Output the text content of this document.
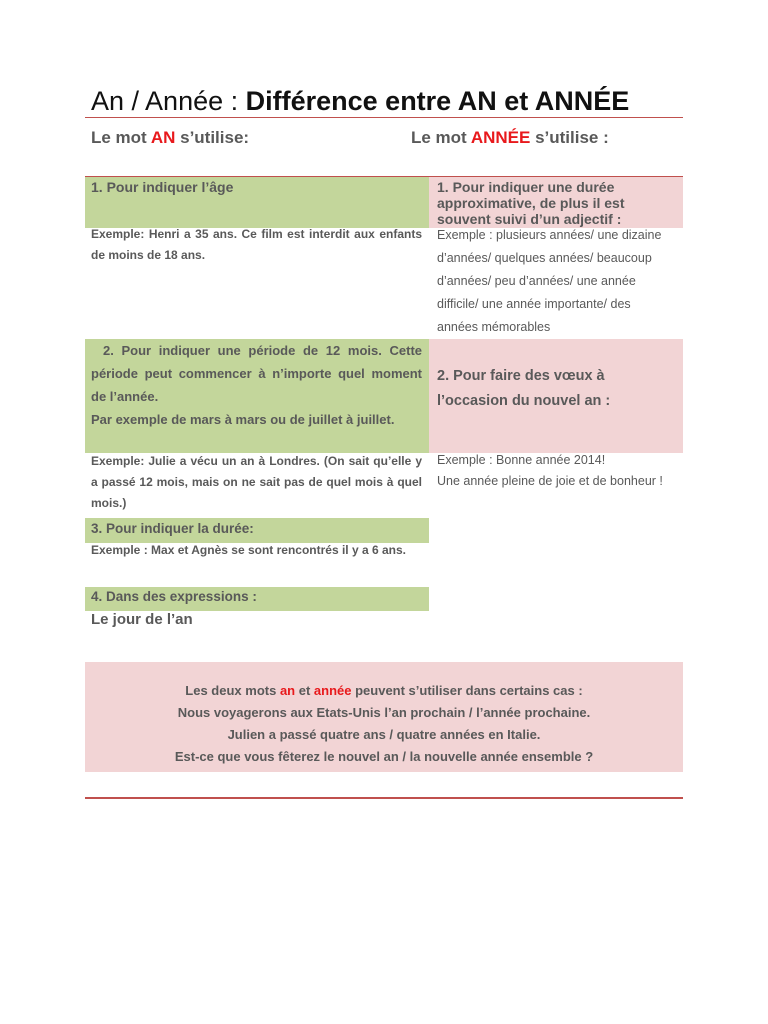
An / Année : Différence entre AN et ANNÉE
Le mot AN s’utilise:	Le mot ANNÉE s’utilise :
1. Pour indiquer l’âge	1. Pour indiquer une durée approximative, de plus il est souvent suivi d’un adjectif :
Exemple: Henri a 35 ans. Ce film est interdit aux enfants de moins de 18 ans.
Exemple : plusieurs années/ une dizaine
d’années/ quelques années/ beaucoup
d’années/ peu d’années/ une année
difficile/ une année importante/ des
années mémorables
2. Pour indiquer une période de 12 mois. Cette période peut commencer à n’importe quel moment de l’année.
Par exemple de mars à mars ou de juillet à juillet.
2. Pour faire des vœux à
l’occasion du nouvel an :
Exemple: Julie a vécu un an à Londres. (On sait qu’elle y a passé 12 mois, mais on ne sait pas de quel mois à quel mois.)
Exemple : Bonne année 2014!
Une année pleine de joie et de bonheur !
3. Pour indiquer la durée:
Exemple : Max et Agnès se sont rencontrés il y a 6 ans.
4. Dans des expressions :
Le jour de l’an
Les deux mots an et année peuvent s’utiliser dans certains cas :
Nous voyagerons aux Etats-Unis l’an prochain / l’année prochaine.
Julien a passé quatre ans / quatre années en Italie.
Est-ce que vous fêterez le nouvel an / la nouvelle année ensemble ?
